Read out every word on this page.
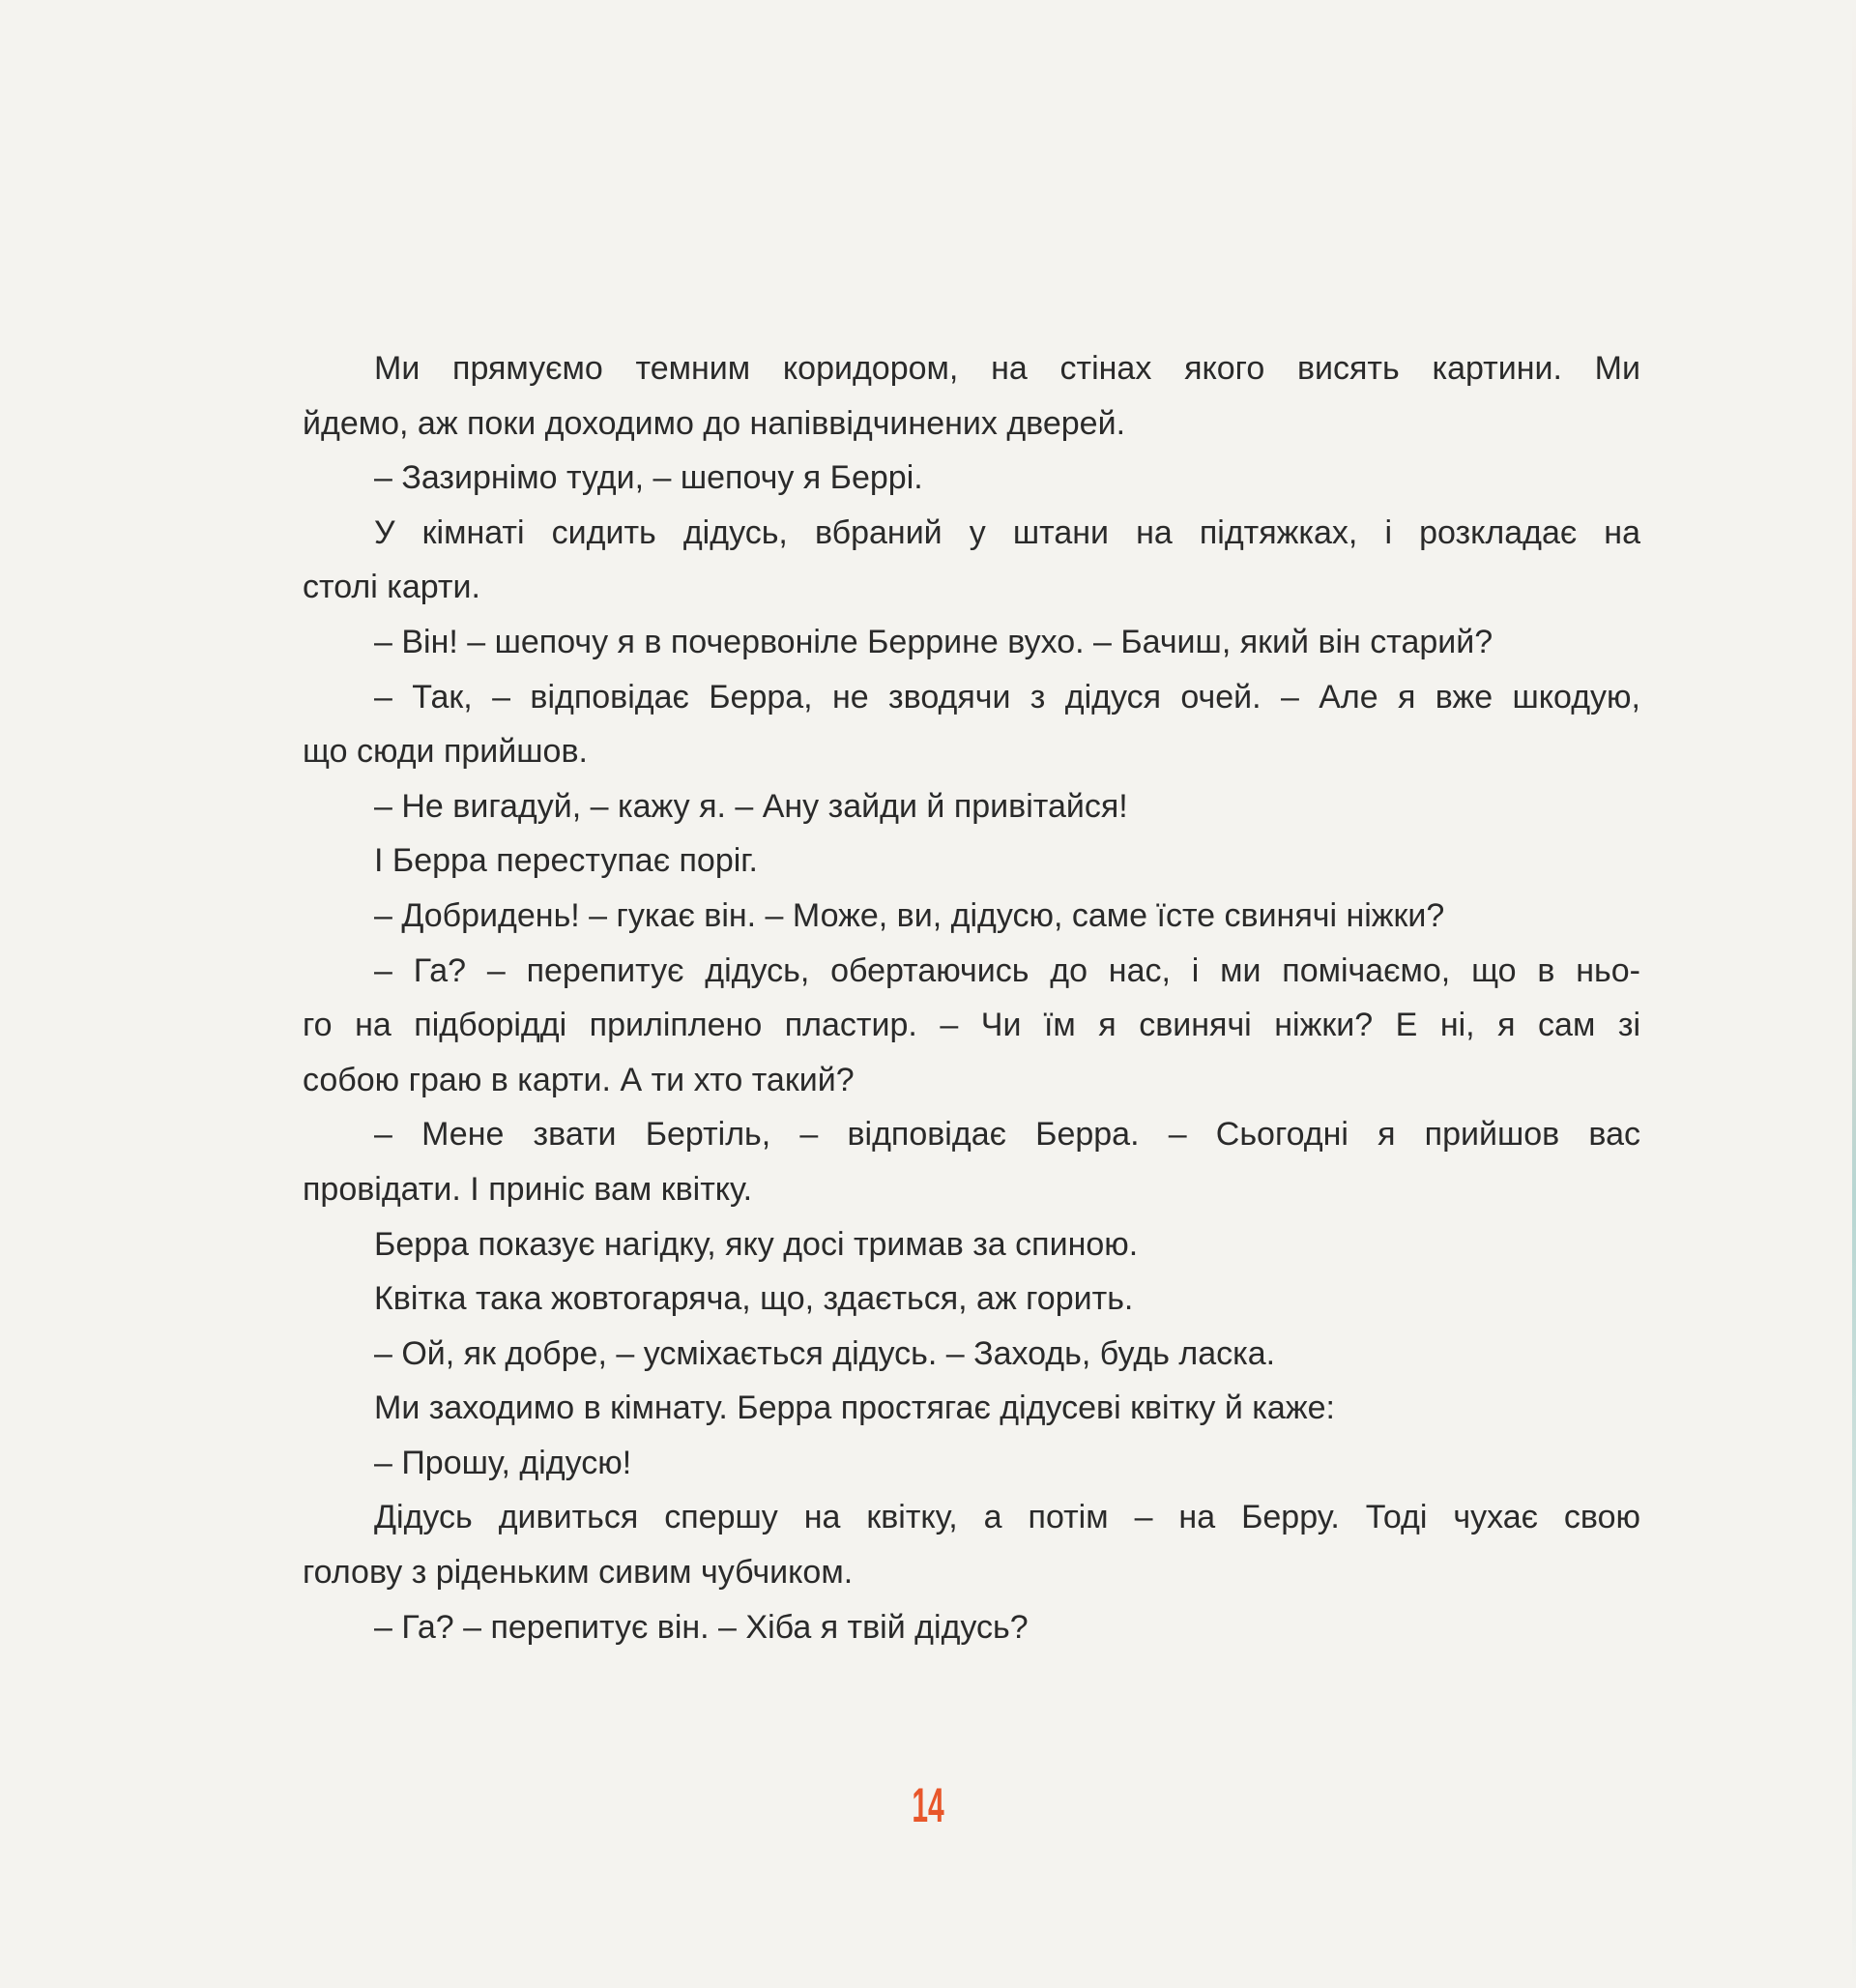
Ми прямуємо темним коридором, на стінах якого висять картини. Ми
йдемо, аж поки доходимо до напіввідчинених дверей.
– Зазирнімо туди, – шепочу я Беррі.
У кімнаті сидить дідусь, вбраний у штани на підтяжках, і розкладає на
столі карти.
– Він! – шепочу я в почервоніле Беррине вухо. – Бачиш, який він старий?
– Так, – відповідає Берра, не зводячи з дідуся очей. – Але я вже шкодую,
що сюди прийшов.
– Не вигадуй, – кажу я. – Ану зайди й привітайся!
І Берра переступає поріг.
– Добридень! – гукає він. – Може, ви, дідусю, саме їсте свинячі ніжки?
– Га? – перепитує дідусь, обертаючись до нас, і ми помічаємо, що в ньо-
го на підборідді приліплено пластир. – Чи їм я свинячі ніжки? Е ні, я сам зі
собою граю в карти. А ти хто такий?
– Мене звати Бертіль, – відповідає Берра. – Сьогодні я прийшов вас
провідати. І приніс вам квітку.
Берра показує нагідку, яку досі тримав за спиною.
Квітка така жовтогаряча, що, здається, аж горить.
– Ой, як добре, – усміхається дідусь. – Заходь, будь ласка.
Ми заходимо в кімнату. Берра простягає дідусеві квітку й каже:
– Прошу, дідусю!
Дідусь дивиться спершу на квітку, а потім – на Берру. Тоді чухає свою
голову з ріденьким сивим чубчиком.
– Га? – перепитує він. – Хіба я твій дідусь?
14
